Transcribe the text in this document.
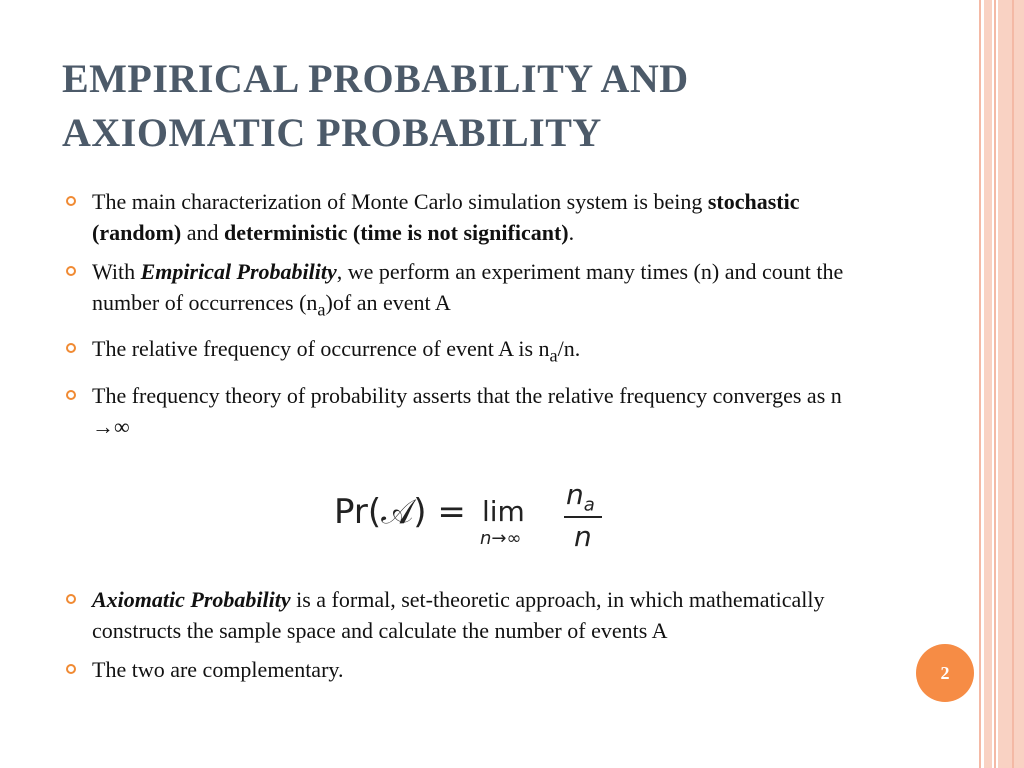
EMPIRICAL PROBABILITY AND
AXIOMATIC PROBABILITY
The main characterization of Monte Carlo simulation system is being stochastic (random) and deterministic (time is not significant).
With Empirical Probability, we perform an experiment many times (n) and count the number of occurrences $(n_a)of$ an event A
The relative frequency of occurrence of event A is $n_a/n$.
The frequency theory of probability asserts that the relative frequency converges as n →∞
Pr(𝒜) = lim
n→∞
$n_a$
n
Axiomatic Probability is a formal, set-theoretic approach, in which mathematically constructs the sample space and calculate the number of events A
The two are complementary.	2
